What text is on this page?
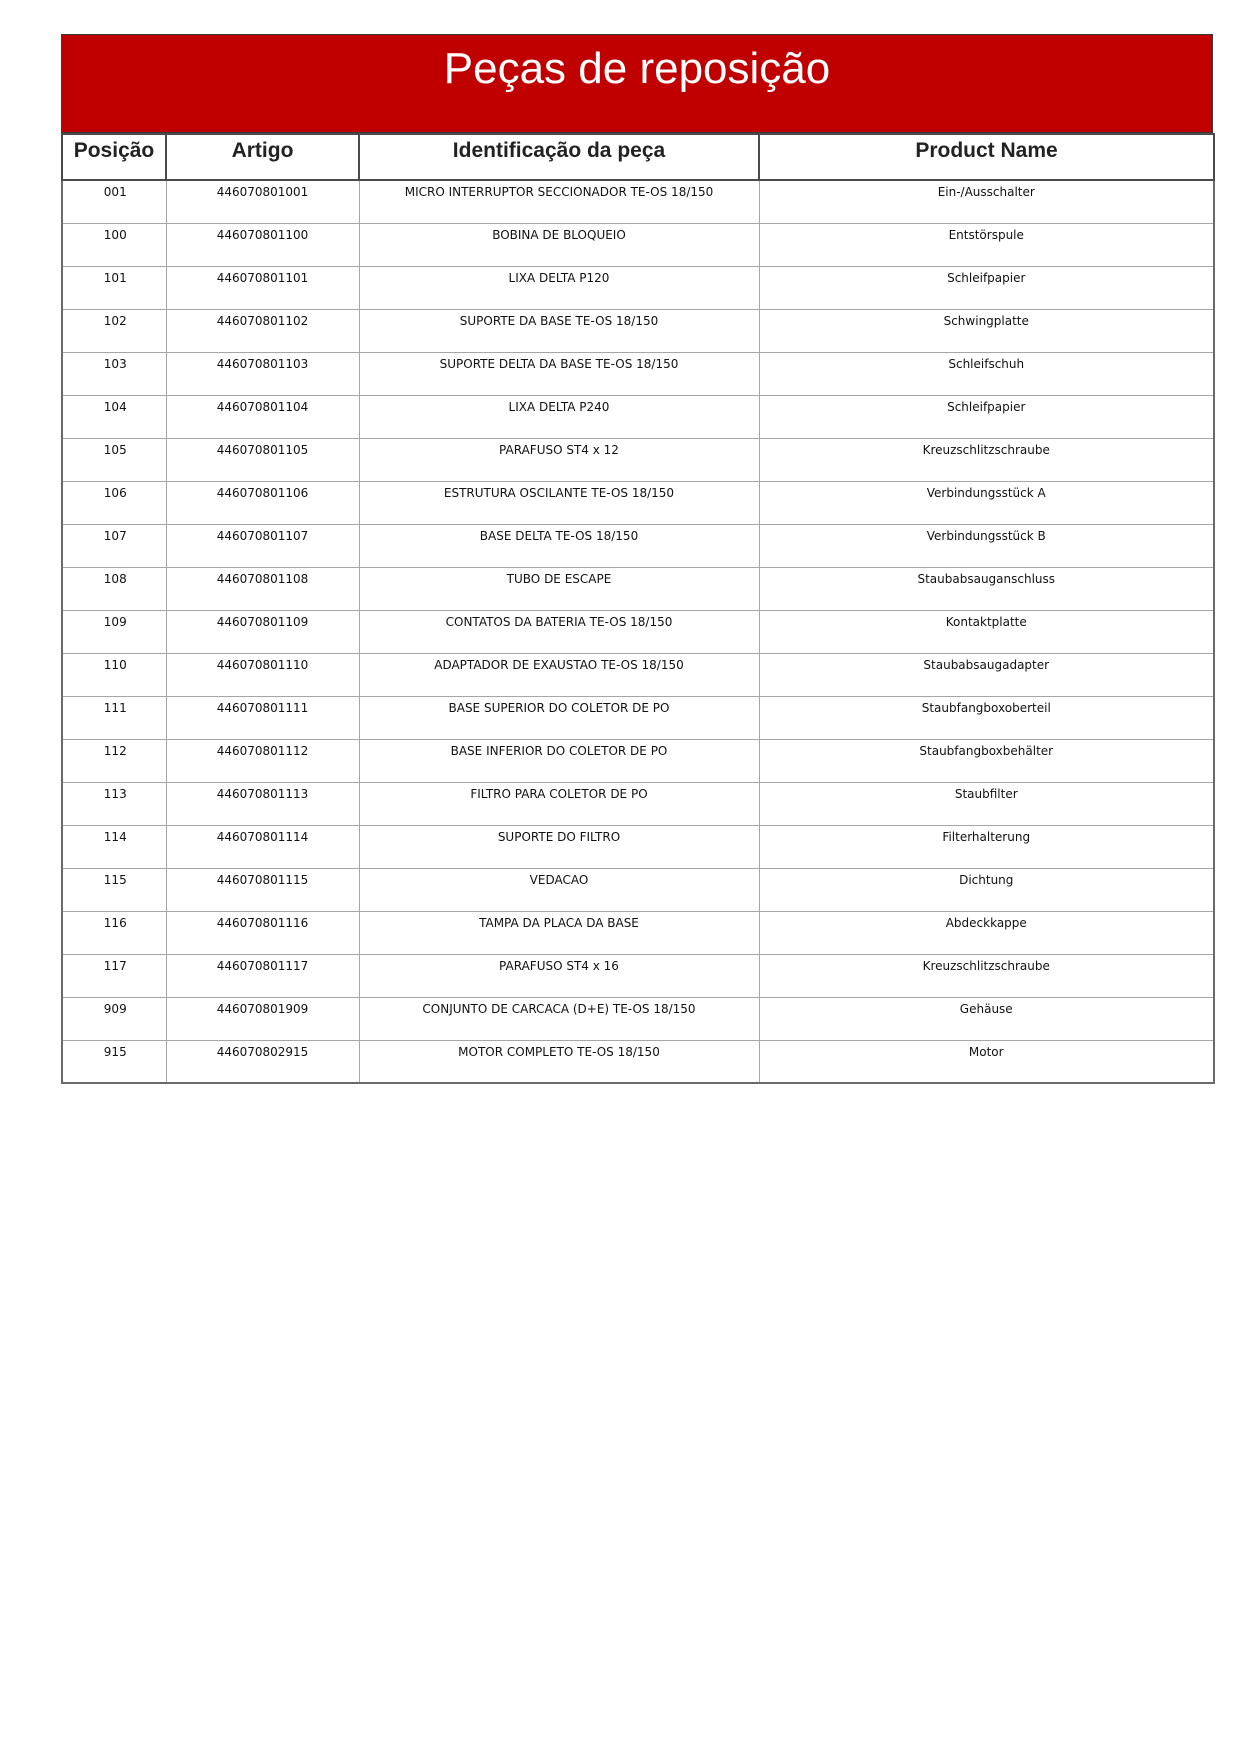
Peças de reposição
Posição	Artigo	Identificação da peça	Product Name
001	446070801001	MICRO INTERRUPTOR SECCIONADOR TE-OS 18/150	Ein-/Ausschalter
100	446070801100	BOBINA DE BLOQUEIO	Entstörspule
101	446070801101	LIXA DELTA P120	Schleifpapier
102	446070801102	SUPORTE DA BASE TE-OS 18/150	Schwingplatte
103	446070801103	SUPORTE DELTA DA BASE TE-OS 18/150	Schleifschuh
104	446070801104	LIXA DELTA P240	Schleifpapier
105	446070801105	PARAFUSO ST4 x 12	Kreuzschlitzschraube
106	446070801106	ESTRUTURA OSCILANTE TE-OS 18/150	Verbindungsstück A
107	446070801107	BASE DELTA TE-OS 18/150	Verbindungsstück B
108	446070801108	TUBO DE ESCAPE	Staubabsauganschluss
109	446070801109	CONTATOS DA BATERIA TE-OS 18/150	Kontaktplatte
110	446070801110	ADAPTADOR DE EXAUSTAO TE-OS 18/150	Staubabsaugadapter
111	446070801111	BASE SUPERIOR DO COLETOR DE PO	Staubfangboxoberteil
112	446070801112	BASE INFERIOR DO COLETOR DE PO	Staubfangboxbehälter
113	446070801113	FILTRO PARA COLETOR DE PO	Staubfilter
114	446070801114	SUPORTE DO FILTRO	Filterhalterung
115	446070801115	VEDACAO	Dichtung
116	446070801116	TAMPA DA PLACA DA BASE	Abdeckkappe
117	446070801117	PARAFUSO ST4 x 16	Kreuzschlitzschraube
909	446070801909	CONJUNTO DE CARCACA (D+E) TE-OS 18/150	Gehäuse
915	446070802915	MOTOR COMPLETO TE-OS 18/150	Motor
